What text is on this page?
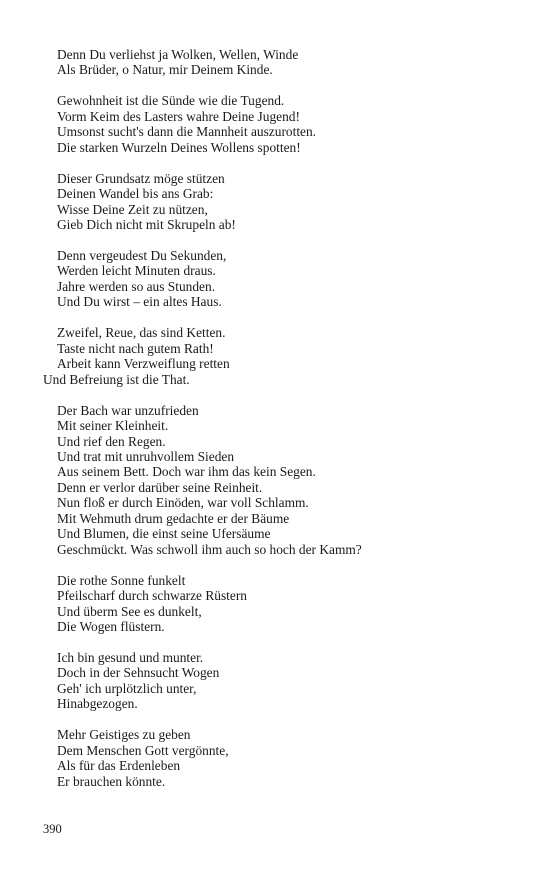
Denn Du verliehst ja Wolken, Wellen, Winde
Als Brüder, o Natur, mir Deinem Kinde.
Gewohnheit ist die Sünde wie die Tugend.
Vorm Keim des Lasters wahre Deine Jugend!
Umsonst sucht's dann die Mannheit auszurotten.
Die starken Wurzeln Deines Wollens spotten!
Dieser Grundsatz möge stützen
Deinen Wandel bis ans Grab:
Wisse Deine Zeit zu nützen,
Gieb Dich nicht mit Skrupeln ab!
Denn vergeudest Du Sekunden,
Werden leicht Minuten draus.
Jahre werden so aus Stunden.
Und Du wirst – ein altes Haus.
Zweifel, Reue, das sind Ketten.
Taste nicht nach gutem Rath!
Arbeit kann Verzweiflung retten
Und Befreiung ist die That.
Der Bach war unzufrieden
Mit seiner Kleinheit.
Und rief den Regen.
Und trat mit unruhvollem Sieden
Aus seinem Bett. Doch war ihm das kein Segen.
Denn er verlor darüber seine Reinheit.
Nun floß er durch Einöden, war voll Schlamm.
Mit Wehmuth drum gedachte er der Bäume
Und Blumen, die einst seine Ufersäume
Geschmückt. Was schwoll ihm auch so hoch der Kamm?
Die rothe Sonne funkelt
Pfeilscharf durch schwarze Rüstern
Und überm See es dunkelt,
Die Wogen flüstern.
Ich bin gesund und munter.
Doch in der Sehnsucht Wogen
Geh' ich urplötzlich unter,
Hinabgezogen.
Mehr Geistiges zu geben
Dem Menschen Gott vergönnte,
Als für das Erdenleben
Er brauchen könnte.
390
